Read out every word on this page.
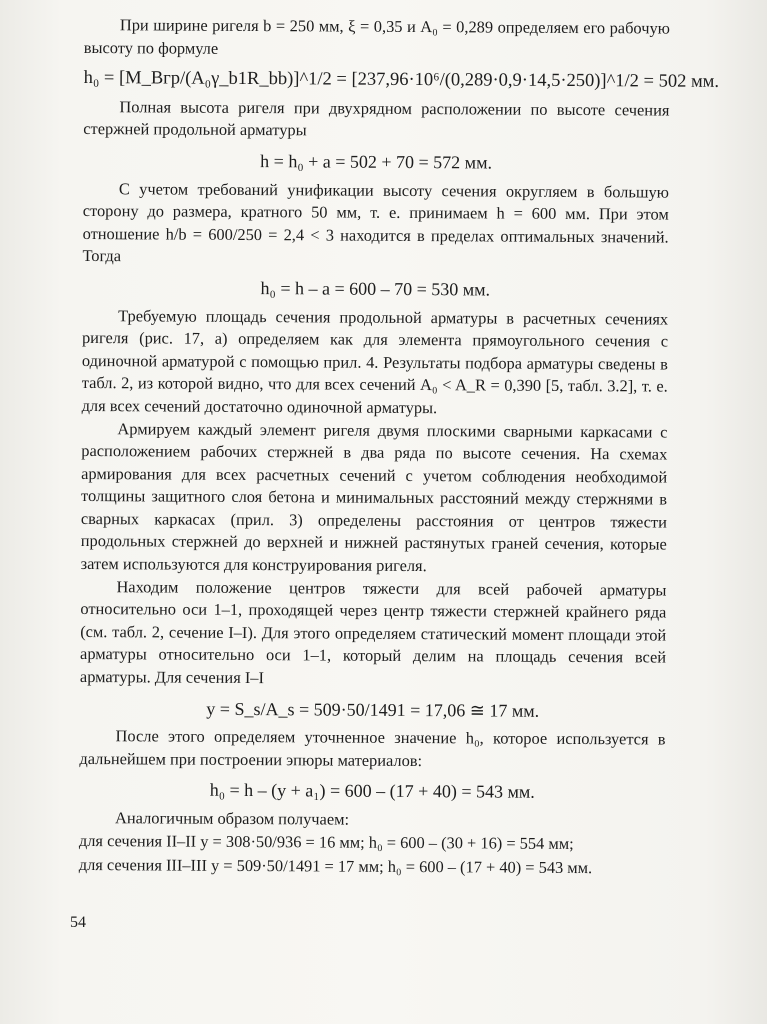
При ширине ригеля b = 250 мм, ξ = 0,35 и A₀ = 0,289 определяем его рабочую высоту по формуле

h₀ = [M_Вгр/(A₀γ_b1R_bb)]^1/2 = [237,96·10⁶/(0,289·0,9·14,5·250)]^1/2 = 502 мм.

Полная высота ригеля при двухрядном расположении по высоте сечения стержней продольной арматуры

h = h₀ + a = 502 + 70 = 572 мм.

С учетом требований унификации высоту сечения округляем в большую сторону до размера, кратного 50 мм, т. е. принимаем h = 600 мм. При этом отношение h/b = 600/250 = 2,4 < 3 находится в пределах оптимальных значений. Тогда

h₀ = h – a = 600 – 70 = 530 мм.

Требуемую площадь сечения продольной арматуры в расчетных сечениях ригеля (рис. 17, а) определяем как для элемента прямоугольного сечения с одиночной арматурой с помощью прил. 4. Результаты подбора арматуры сведены в табл. 2, из которой видно, что для всех сечений A₀ < A_R = 0,390 [5, табл. 3.2], т. е. для всех сечений достаточно одиночной арматуры.

Армируем каждый элемент ригеля двумя плоскими сварными каркасами с расположением рабочих стержней в два ряда по высоте сечения. На схемах армирования для всех расчетных сечений с учетом соблюдения необходимой толщины защитного слоя бетона и минимальных расстояний между стержнями в сварных каркасах (прил. 3) определены расстояния от центров тяжести продольных стержней до верхней и нижней растянутых граней сечения, которые затем используются для конструирования ригеля.

Находим положение центров тяжести для всей рабочей арматуры относительно оси 1–1, проходящей через центр тяжести стержней крайнего ряда (см. табл. 2, сечение I–I). Для этого определяем статический момент площади этой арматуры относительно оси 1–1, который делим на площадь сечения всей арматуры. Для сечения I–I

y = S_s/A_s = 509·50/1491 = 17,06 ≅ 17 мм.

После этого определяем уточненное значение h₀, которое используется в дальнейшем при построении эпюры материалов:

h₀ = h – (y + a₁) = 600 – (17 + 40) = 543 мм.

Аналогичным образом получаем:

для сечения II–II y = 308·50/936 = 16 мм; h₀ = 600 – (30 + 16) = 554 мм;

для сечения III–III y = 509·50/1491 = 17 мм; h₀ = 600 – (17 + 40) = 543 мм.

54
